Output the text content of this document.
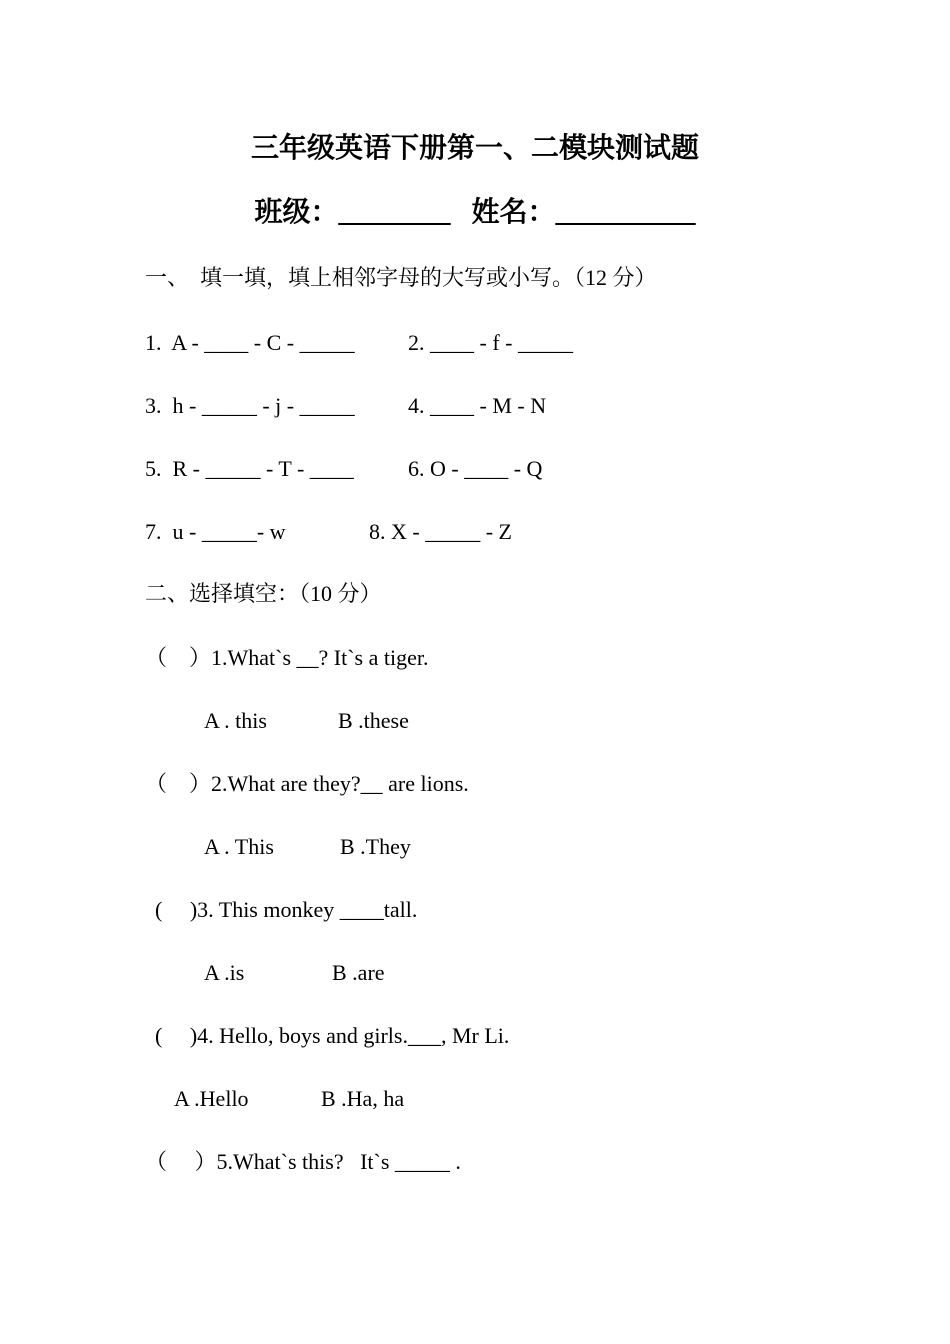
三年级英语下册第一、二模块测试题
班级：________   姓名：__________
一、  填一填，填上相邻字母的大写或小写。（12 分）
1.  A - ____ - C - _____ 2. ____ - f - _____
3.  h - _____ - j - _____ 4. ____ - M - N
5.  R - _____ - T - ____ 6. O - ____ - Q
7.  u - _____- w	8. X - _____ - Z
二、选择填空：（10 分）
（    ）1.What`s __? It`s a tiger.
A . this	B .these
（    ）2.What are they?__ are lions.
A . This	B .They
(     )3. This monkey ____tall.
A .is	B .are
(     )4. Hello, boys and girls.___, Mr Li.
A .Hello	B .Ha, ha
（     ）5.What`s this?   It`s _____ .
